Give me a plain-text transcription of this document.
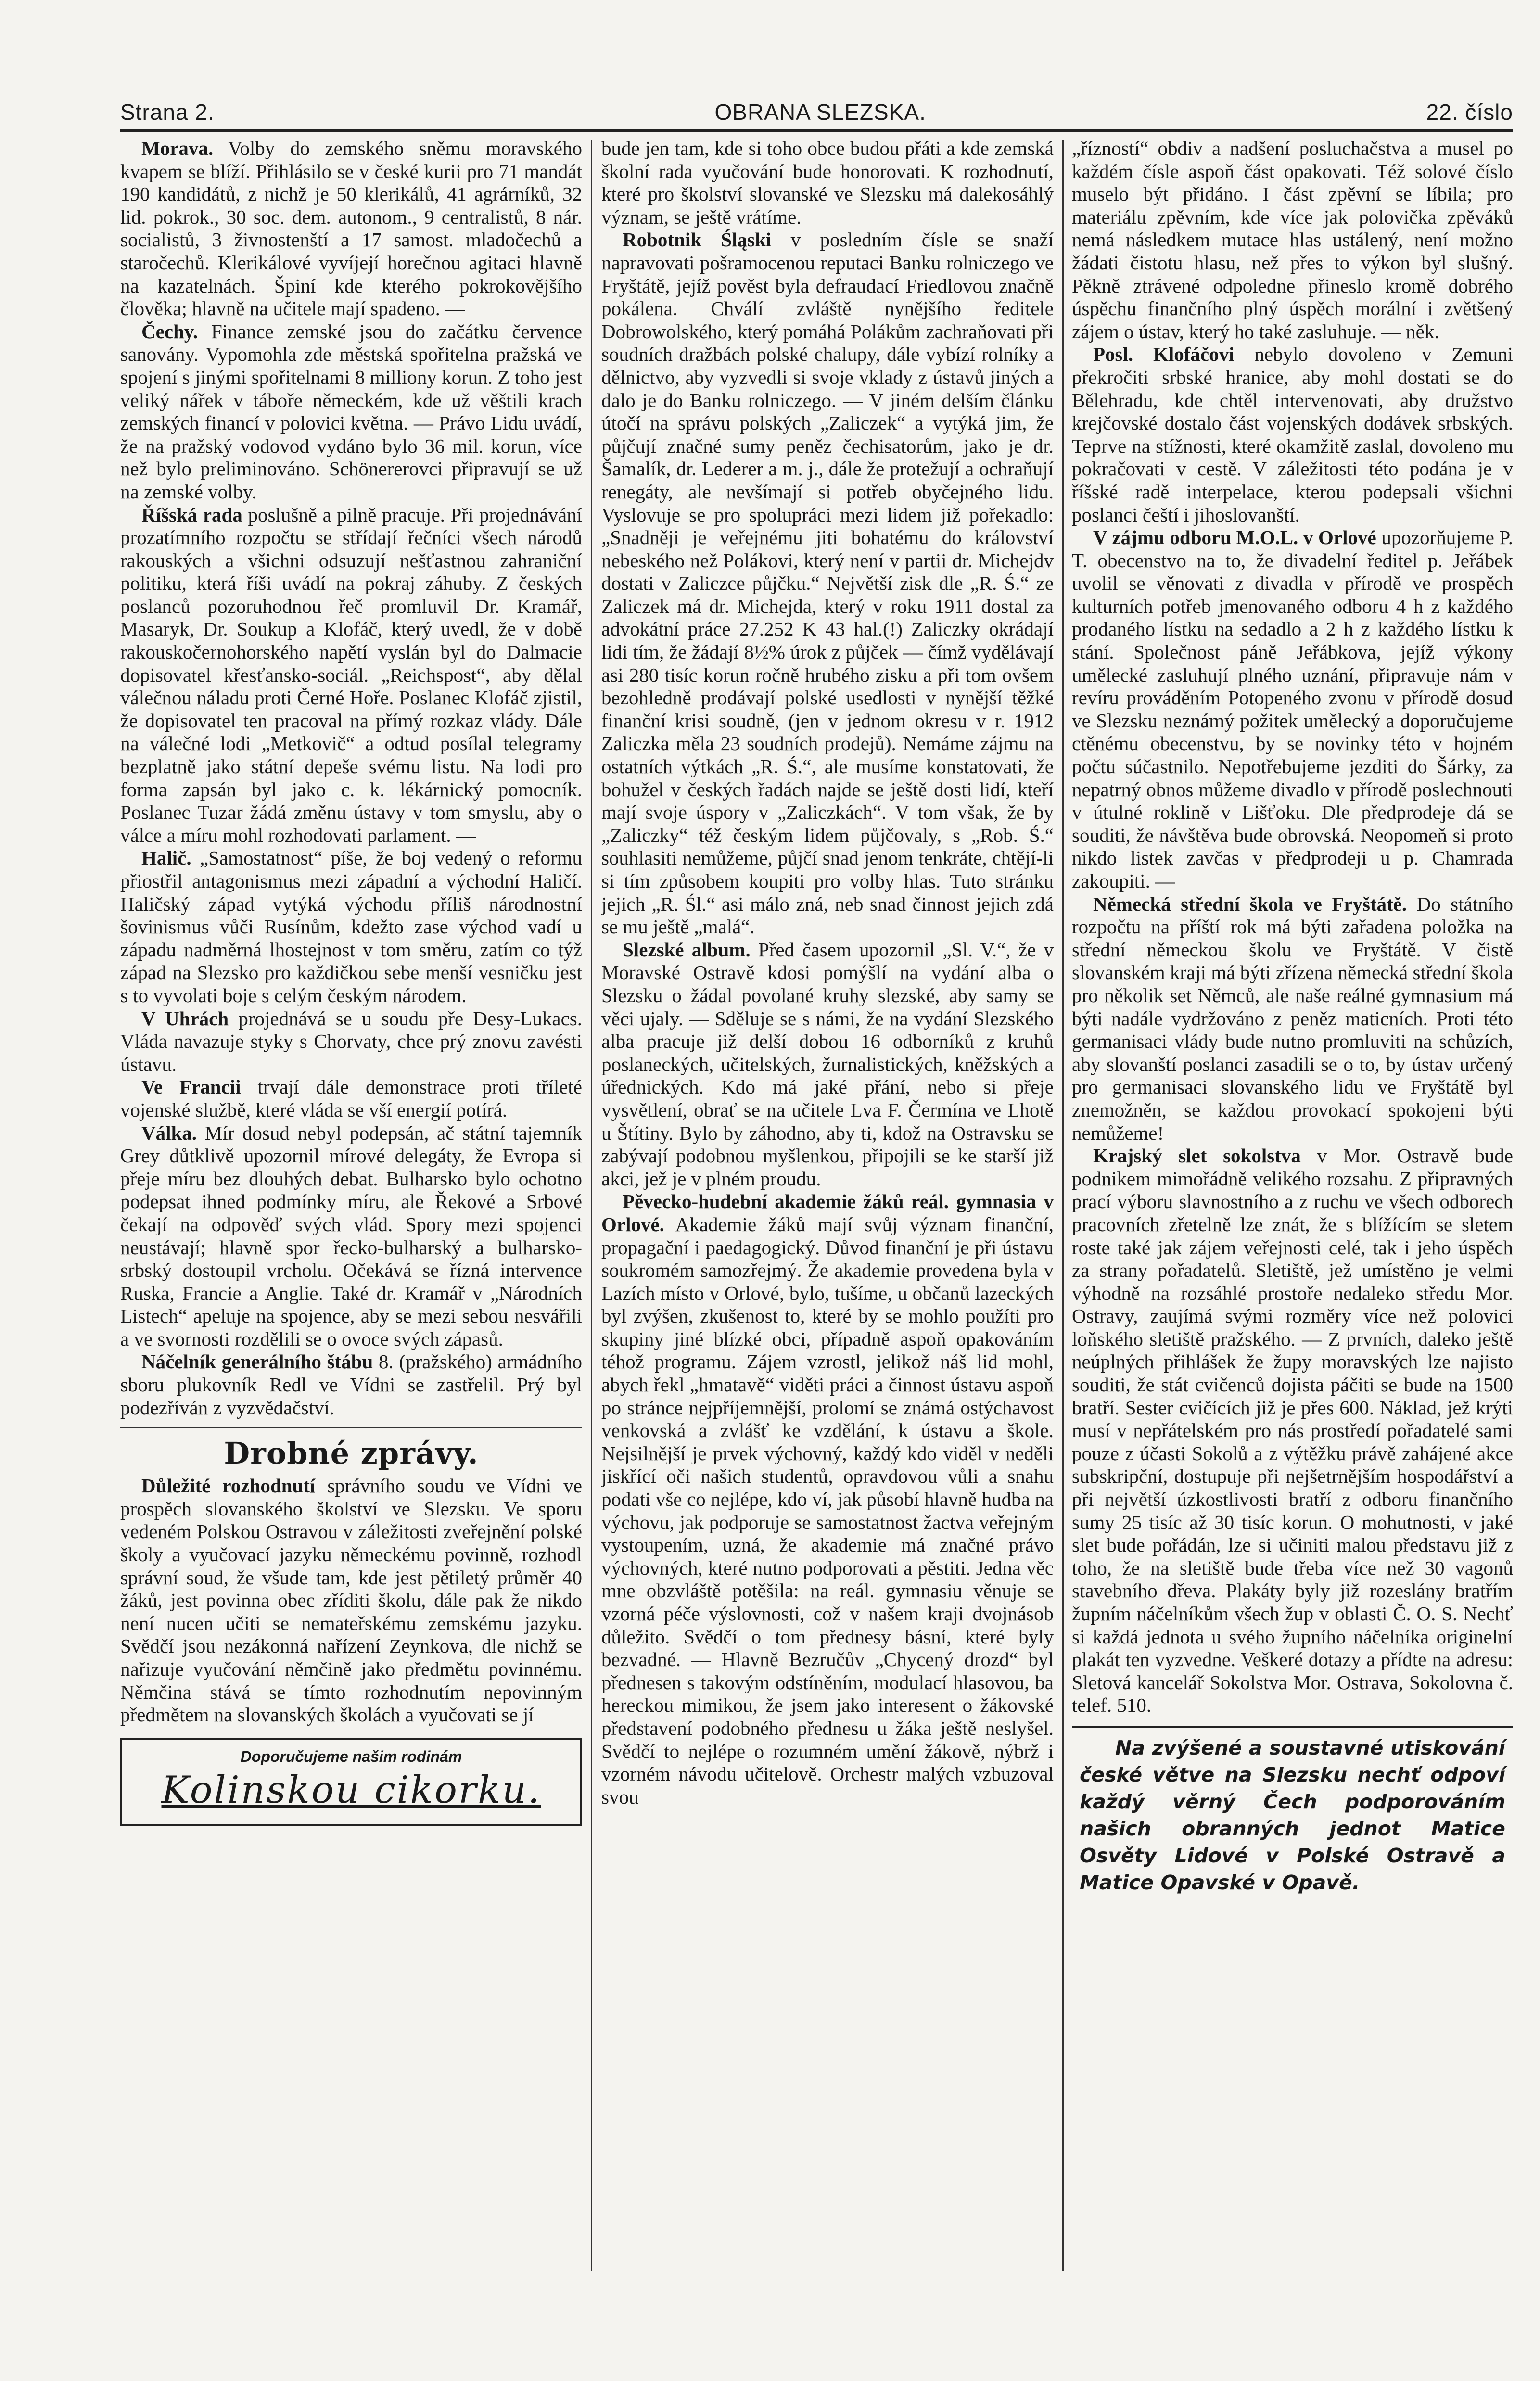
Strana 2.	OBRANA SLEZSKA.	22. číslo

Morava. Volby do zemského sněmu moravského kvapem se blíží. Přihlásilo se v české kurii pro 71 mandát 190 kandidátů, z nichž je 50 klerikálů, 41 agrárníků, 32 lid. pokrok., 30 soc. dem. autonom., 9 centralistů, 8 nár. socialistů, 3 živnostenští a 17 samost. mladočechů a staročechů. Klerikálové vyvíjejí horečnou agitaci hlavně na kazatelnách. Špiní kde kterého pokrokovějšího člověka; hlavně na učitele mají spadeno. —

Čechy. Finance zemské jsou do začátku července sanovány. Vypomohla zde městská spořitelna pražská ve spojení s jinými spořitelnami 8 milliony korun. Z toho jest veliký nářek v táboře německém, kde už věštili krach zemských financí v polovici května. — Právo Lidu uvádí, že na pražský vodovod vydáno bylo 36 mil. korun, více než bylo preliminováno. Schönererovci připravují se už na zemské volby.

Říšská rada poslušně a pilně pracuje. Při projednávání prozatímního rozpočtu se střídají řečníci všech národů rakouských a všichni odsuzují nešťastnou zahraniční politiku, která říši uvádí na pokraj záhuby. Z českých poslanců pozoruhodnou řeč promluvil Dr. Kramář, Masaryk, Dr. Soukup a Klofáč, který uvedl, že v době rakouskočernohorského napětí vyslán byl do Dalmacie dopisovatel křesťansko-sociál. „Reichspost“, aby dělal válečnou náladu proti Černé Hoře. Poslanec Klofáč zjistil, že dopisovatel ten pracoval na přímý rozkaz vlády. Dále na válečné lodi „Metkovič“ a odtud posílal telegramy bezplatně jako státní depeše svému listu. Na lodi pro forma zapsán byl jako c. k. lékárnický pomocník. Poslanec Tuzar žádá změnu ústavy v tom smyslu, aby o válce a míru mohl rozhodovati parlament. —

Halič. „Samostatnost“ píše, že boj vedený o reformu přiostřil antagonismus mezi západní a východní Haličí. Haličský západ vytýká východu příliš národnostní šovinismus vůči Rusínům, kdežto zase východ vadí u západu nadměrná lhostejnost v tom směru, zatím co týž západ na Slezsko pro každičkou sebe menší vesničku jest s to vyvolati boje s celým českým národem.

V Uhrách projednává se u soudu pře Desy-Lukacs. Vláda navazuje styky s Chorvaty, chce prý znovu zavésti ústavu.

Ve Francii trvají dále demonstrace proti tříleté vojenské službě, které vláda se vší energií potírá.

Válka. Mír dosud nebyl podepsán, ač státní tajemník Grey důtklivě upozornil mírové delegáty, že Evropa si přeje míru bez dlouhých debat. Bulharsko bylo ochotno podepsat ihned podmínky míru, ale Řekové a Srbové čekají na odpověď svých vlád. Spory mezi spojenci neustávají; hlavně spor řecko-bulharský a bulharsko-srbský dostoupil vrcholu. Očekává se řízná intervence Ruska, Francie a Anglie. Také dr. Kramář v „Národních Listech“ apeluje na spojence, aby se mezi sebou nesvářili a ve svornosti rozdělili se o ovoce svých zápasů.

Náčelník generálního štábu 8. (pražského) armádního sboru plukovník Redl ve Vídni se zastřelil. Prý byl podezříván z vyzvědačství.

Drobné zprávy.

Důležité rozhodnutí správního soudu ve Vídni ve prospěch slovanského školství ve Slezsku. Ve sporu vedeném Polskou Ostravou v záležitosti zveřejnění polské školy a vyučovací jazyku německému povinně, rozhodl správní soud, že všude tam, kde jest pětiletý průměr 40 žáků, jest povinna obec zříditi školu, dále pak že nikdo není nucen učiti se nemateřskému zemskému jazyku. Svědčí jsou nezákonná nařízení Zeynkova, dle nichž se nařizuje vyučování němčině jako předmětu povinnému. Němčina stává se tímto rozhodnutím nepovinným předmětem na slovanských školách a vyučovati se jí

Doporučujeme našim rodinám
Kolinskou cikorku.

bude jen tam, kde si toho obce budou přáti a kde zemská školní rada vyučování bude honorovati. K rozhodnutí, které pro školství slovanské ve Slezsku má dalekosáhlý význam, se ještě vrátíme.

Robotnik Śląski v posledním čísle se snaží napravovati pošramocenou reputaci Banku rolniczego ve Fryštátě, jejíž pověst byla defraudací Friedlovou značně pokálena. Chválí zvláště nynějšího ředitele Dobrowolského, který pomáhá Polákům zachraňovati při soudních dražbách polské chalupy, dále vybízí rolníky a dělnictvo, aby vyzvedli si svoje vklady z ústavů jiných a dalo je do Banku rolniczego. — V jiném delším článku útočí na správu polských „Zaliczek“ a vytýká jim, že půjčují značné sumy peněz čechisatorům, jako je dr. Šamalík, dr. Lederer a m. j., dále že protežují a ochraňují renegáty, ale nevšímají si potřeb obyčejného lidu. Vyslovuje se pro spolupráci mezi lidem již pořekadlo: „Snadněji je veřejnému jiti bohatému do království nebeského než Polákovi, který není v partii dr. Michejdv dostati v Zaliczce půjčku.“ Největší zisk dle „R. Ś.“ ze Zaliczek má dr. Michejda, který v roku 1911 dostal za advokátní práce 27.252 K 43 hal.(!) Zaliczky okrádají lidi tím, že žádají 8½% úrok z půjček — čímž vydělávají asi 280 tisíc korun ročně hrubého zisku a při tom ovšem bezohledně prodávají polské usedlosti v nynější těžké finanční krisi soudně, (jen v jednom okresu v r. 1912 Zaliczka měla 23 soudních prodejů). Nemáme zájmu na ostatních výtkách „R. Ś.“, ale musíme konstatovati, že bohužel v českých řadách najde se ještě dosti lidí, kteří mají svoje úspory v „Zaliczkách“. V tom však, že by „Zaliczky“ též českým lidem půjčovaly, s „Rob. Ś.“ souhlasiti nemůžeme, půjčí snad jenom tenkráte, chtějí-li si tím způsobem koupiti pro volby hlas. Tuto stránku jejich „R. Śl.“ asi málo zná, neb snad činnost jejich zdá se mu ještě „malá“.

Slezské album. Před časem upozornil „Sl. V.“, že v Moravské Ostravě kdosi pomýšlí na vydání alba o Slezsku o žádal povolané kruhy slezské, aby samy se věci ujaly. — Sděluje se s námi, že na vydání Slezského alba pracuje již delší dobou 16 odborníků z kruhů poslaneckých, učitelských, žurnalistických, kněžských a úřednických. Kdo má jaké přání, nebo si přeje vysvětlení, obrať se na učitele Lva F. Čermína ve Lhotě u Štítiny. Bylo by záhodno, aby ti, kdož na Ostravsku se zabývají podobnou myšlenkou, připojili se ke starší již akci, jež je v plném proudu.

Pěvecko-hudební akademie žáků reál. gymnasia v Orlové. Akademie žáků mají svůj význam finanční, propagační i paedagogický. Důvod finanční je při ústavu soukromém samozřejmý. Že akademie provedena byla v Lazích místo v Orlové, bylo, tušíme, u občanů lazeckých byl zvýšen, zkušenost to, které by se mohlo použíti pro skupiny jiné blízké obci, případně aspoň opakováním téhož programu. Zájem vzrostl, jelikož náš lid mohl, abych řekl „hmatavě“ viděti práci a činnost ústavu aspoň po stránce nejpříjemnější, prolomí se známá ostýchavost venkovská a zvlášť ke vzdělání, k ústavu a škole. Nejsilnější je prvek výchovný, každý kdo viděl v neděli jiskřící oči našich studentů, opravdovou vůli a snahu podati vše co nejlépe, kdo ví, jak působí hlavně hudba na výchovu, jak podporuje se samostatnost žactva veřejným vystoupením, uzná, že akademie má značné právo výchovných, které nutno podporovati a pěstiti. Jedna věc mne obzvláště potěšila: na reál. gymnasiu věnuje se vzorná péče výslovnosti, což v našem kraji dvojnásob důležito. Svědčí o tom přednesy básní, které byly bezvadné. — Hlavně Bezručův „Chycený drozd“ byl přednesen s takovým odstíněním, modulací hlasovou, ba hereckou mimikou, že jsem jako interesent o žákovské představení podobného přednesu u žáka ještě neslyšel. Svědčí to nejlépe o rozumném umění žákově, nýbrž i vzorném návodu učitelově. Orchestr malých vzbuzoval svou

„řízností“ obdiv a nadšení posluchačstva a musel po každém čísle aspoň část opakovati. Též solové číslo muselo být přidáno. I část zpěvní se líbila; pro materiálu zpěvním, kde více jak polovička zpěváků nemá následkem mutace hlas ustálený, není možno žádati čistotu hlasu, než přes to výkon byl slušný. Pěkně ztrávené odpoledne přineslo kromě dobrého úspěchu finančního plný úspěch morální i zvětšený zájem o ústav, který ho také zasluhuje. — něk.

Posl. Klofáčovi nebylo dovoleno v Zemuni překročiti srbské hranice, aby mohl dostati se do Bělehradu, kde chtěl intervenovati, aby družstvo krejčovské dostalo část vojenských dodávek srbských. Teprve na stížnosti, které okamžitě zaslal, dovoleno mu pokračovati v cestě. V záležitosti této podána je v říšské radě interpelace, kterou podepsali všichni poslanci čeští i jihoslovanští.

V zájmu odboru M.O.L. v Orlové upozorňujeme P. T. obecenstvo na to, že divadelní ředitel p. Jeřábek uvolil se věnovati z divadla v přírodě ve prospěch kulturních potřeb jmenovaného odboru 4 h z každého prodaného lístku na sedadlo a 2 h z každého lístku k stání. Společnost páně Jeřábkova, jejíž výkony umělecké zasluhují plného uznání, připravuje nám v revíru prováděním Potopeného zvonu v přírodě dosud ve Slezsku neznámý požitek umělecký a doporučujeme ctěnému obecenstvu, by se novinky této v hojném počtu súčastnilo. Nepotřebujeme jezditi do Šárky, za nepatrný obnos můžeme divadlo v přírodě poslechnouti v útulné roklině v Lišťoku. Dle předprodeje dá se souditi, že návštěva bude obrovská. Neopomeň si proto nikdo listek zavčas v předprodeji u p. Chamrada zakoupiti. —

Německá střední škola ve Fryštátě. Do státního rozpočtu na příští rok má býti zařadena položka na střední německou školu ve Fryštátě. V čistě slovanském kraji má býti zřízena německá střední škola pro několik set Němců, ale naše reálné gymnasium má býti nadále vydržováno z peněz maticních. Proti této germanisaci vlády bude nutno promluviti na schůzích, aby slovanští poslanci zasadili se o to, by ústav určený pro germanisaci slovanského lidu ve Fryštátě byl znemožněn, se každou provokací spokojeni býti nemůžeme!

Krajský slet sokolstva v Mor. Ostravě bude podnikem mimořádně velikého rozsahu. Z připravných prací výboru slavnostního a z ruchu ve všech odborech pracovních zřetelně lze znát, že s blížícím se sletem roste také jak zájem veřejnosti celé, tak i jeho úspěch za strany pořadatelů. Sletiště, jež umístěno je velmi výhodně na rozsáhlé prostoře nedaleko středu Mor. Ostravy, zaujímá svými rozměry více než polovici loňského sletiště pražského. — Z prvních, daleko ještě neúplných přihlášek že župy moravských lze najisto souditi, že stát cvičenců dojista páčiti se bude na 1500 bratří. Sester cvičících již je přes 600. Náklad, jež krýti musí v nepřátelském pro nás prostředí pořadatelé sami pouze z účasti Sokolů a z výtěžku právě zahájené akce subskripční, dostupuje při nejšetrnějším hospodářství a při největší úzkostlivosti bratří z odboru finančního sumy 25 tisíc až 30 tisíc korun. O mohutnosti, v jaké slet bude pořádán, lze si učiniti malou představu již z toho, že na sletiště bude třeba více než 30 vagonů stavebního dřeva. Plakáty byly již rozeslány bratřím župním náčelníkům všech žup v oblasti Č. O. S. Nechť si každá jednota u svého župního náčelníka originelní plakát ten vyzvedne. Veškeré dotazy a přídte na adresu: Sletová kancelář Sokolstva Mor. Ostrava, Sokolovna č. telef. 510.

Na zvýšené a soustavné utiskování české větve na Slezsku nechť odpoví každý věrný Čech podporováním našich obranných jednot Matice Osvěty Lidové v Polské Ostravě a Matice Opavské v Opavě.
